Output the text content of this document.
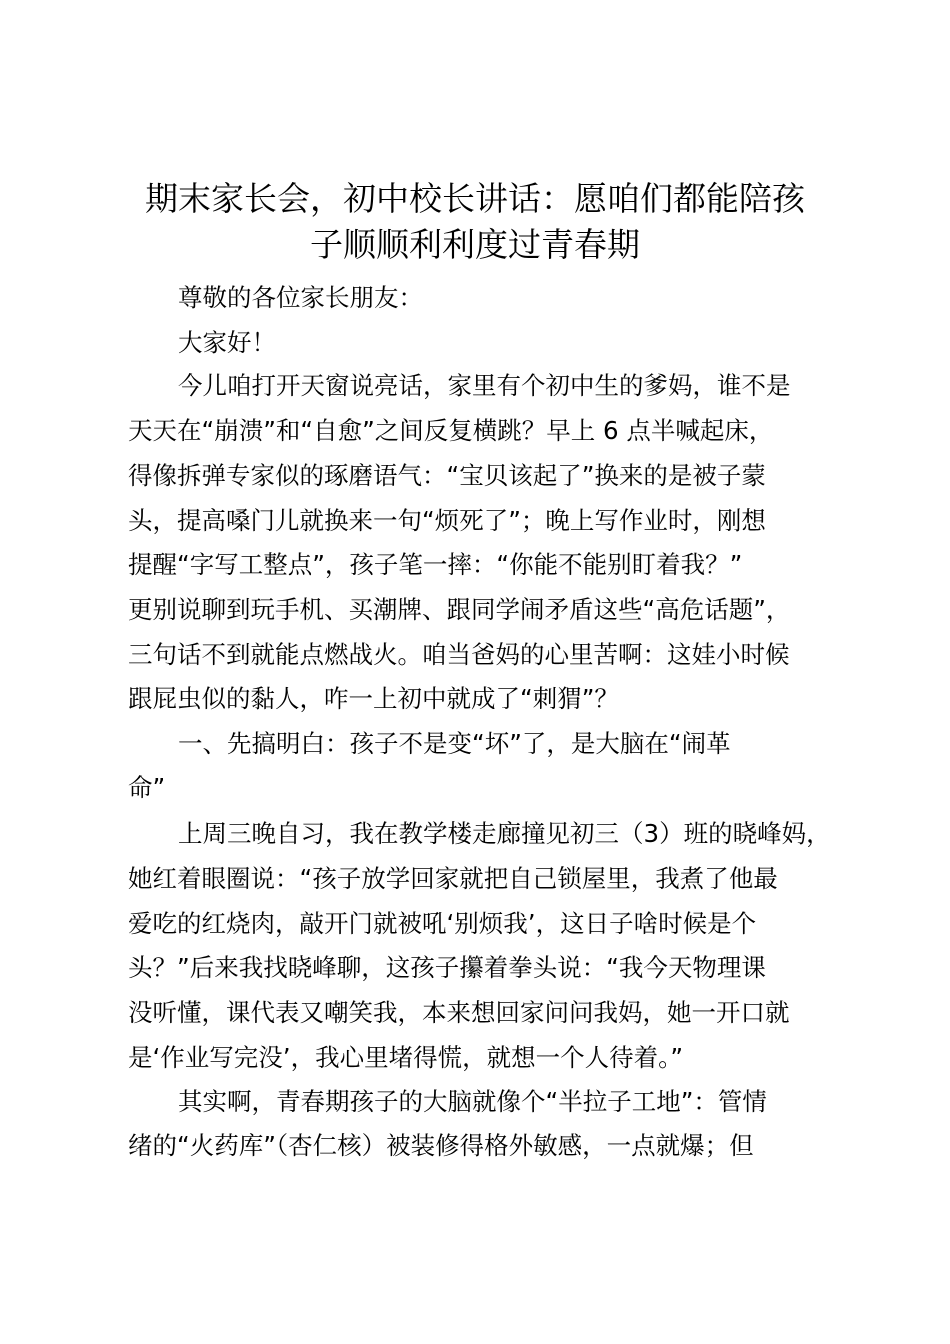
期末家长会，初中校长讲话：愿咱们都能陪孩
子顺顺利利度过青春期
尊敬的各位家长朋友：
大家好！
今儿咱打开天窗说亮话，家里有个初中生的爹妈，谁不是
天天在“崩溃”和“自愈”之间反复横跳？早上 6 点半喊起床，
得像拆弹专家似的琢磨语气：“宝贝该起了”换来的是被子蒙
头，提高嗓门儿就换来一句“烦死了”；晚上写作业时，刚想
提醒“字写工整点”，孩子笔一摔：“你能不能别盯着我？”
更别说聊到玩手机、买潮牌、跟同学闹矛盾这些“高危话题”，
三句话不到就能点燃战火。咱当爸妈的心里苦啊：这娃小时候
跟屁虫似的黏人，咋一上初中就成了“刺猬”？
一、先搞明白：孩子不是变“坏”了，是大脑在“闹革
命”
上周三晚自习，我在教学楼走廊撞见初三（3）班的晓峰妈，
她红着眼圈说：“孩子放学回家就把自己锁屋里，我煮了他最
爱吃的红烧肉，敲开门就被吼‘别烦我’，这日子啥时候是个
头？”后来我找晓峰聊，这孩子攥着拳头说：“我今天物理课
没听懂，课代表又嘲笑我，本来想回家问问我妈，她一开口就
是‘作业写完没’，我心里堵得慌，就想一个人待着。”
其实啊，青春期孩子的大脑就像个“半拉子工地”：管情
绪的“火药库”（杏仁核）被装修得格外敏感，一点就爆；但
